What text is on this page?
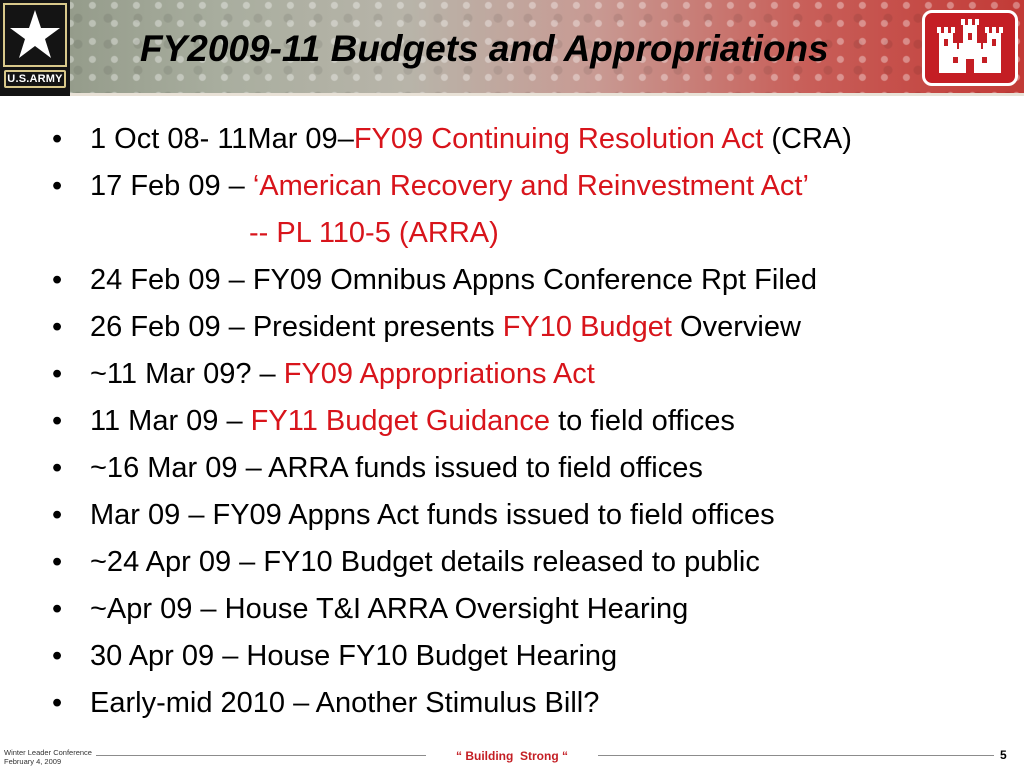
U.S.ARMY
FY2009-11 Budgets and Appropriations
• 1 Oct 08- 11Mar 09–FY09 Continuing Resolution Act (CRA)
• 17 Feb 09 – ‘American Recovery and Reinvestment Act’
-- PL 110-5 (ARRA)
• 24 Feb 09 – FY09 Omnibus Appns Conference Rpt Filed
• 26 Feb 09 – President presents FY10 Budget Overview
• ~11 Mar 09? – FY09 Appropriations Act
• 11 Mar 09 – FY11 Budget Guidance to field offices
• ~16 Mar 09 – ARRA funds issued to field offices
• Mar 09 – FY09 Appns Act funds issued to field offices
• ~24 Apr 09 – FY10 Budget details released to public
• ~Apr 09 – House T&I ARRA Oversight Hearing
• 30 Apr 09 – House FY10 Budget Hearing
• Early-mid 2010 – Another Stimulus Bill?
Winter Leader Conference
February 4, 2009	“ Building  Strong “	5
